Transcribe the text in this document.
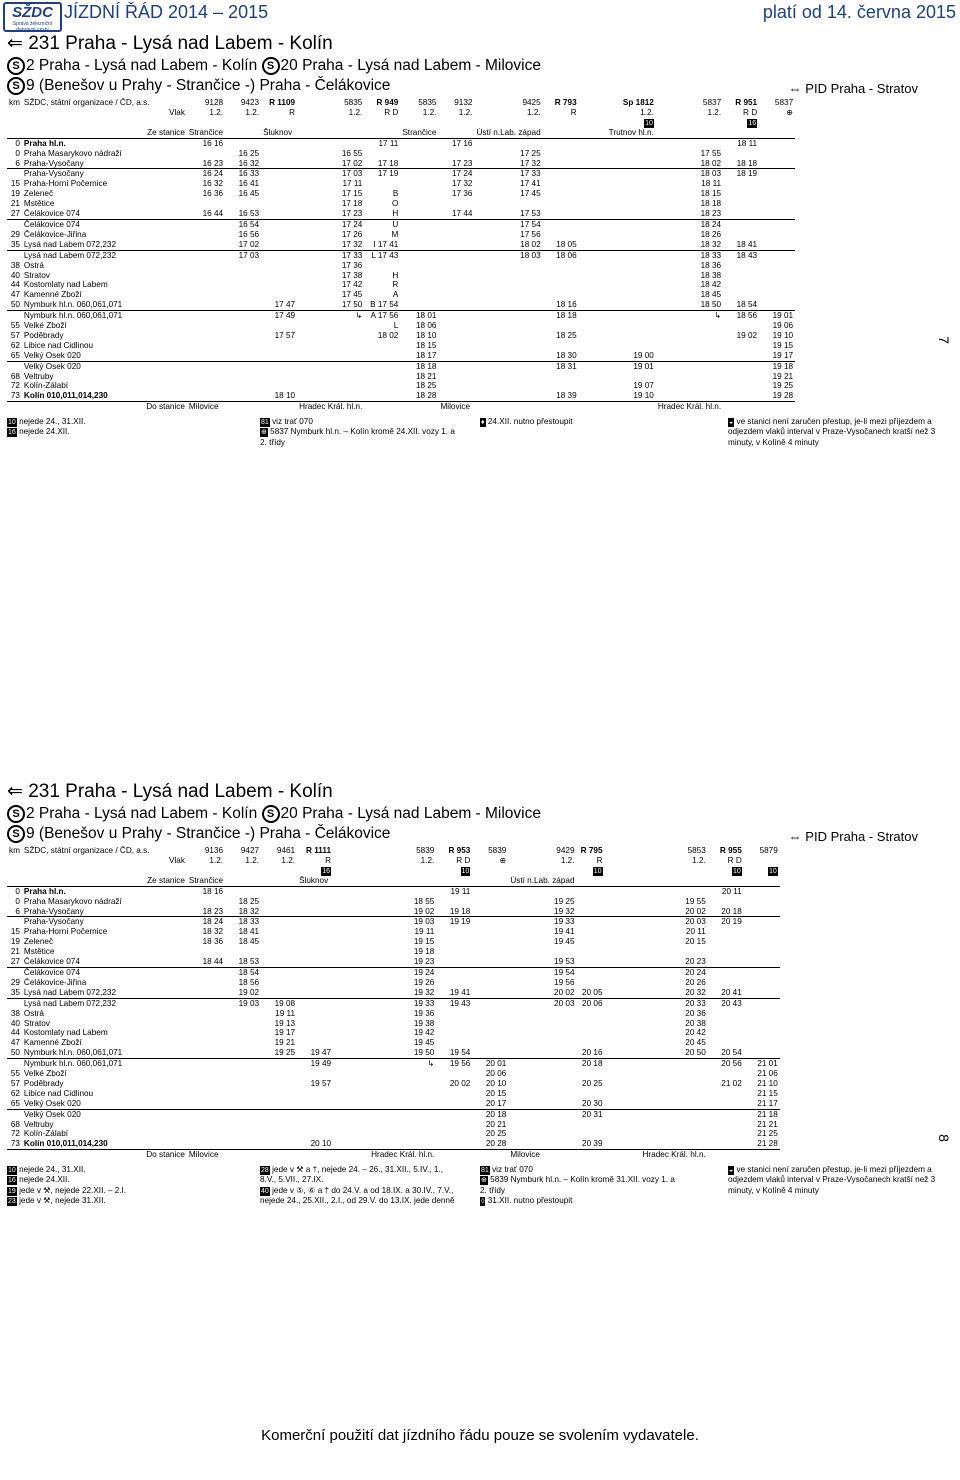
SŽDC
Správa železniční dopravní cesty
JÍZDNÍ ŘÁD 2014 – 2015	platí od 14. června 2015
⇐ 231 Praha - Lysá nad Labem - Kolín
S 2 Praha - Lysá nad Labem - Kolín S 20 Praha - Lysá nad Labem - Milovice
S 9 (Benešov u Prahy - Strančice -) Praha - Čelákovice	⇔ PID Praha - Stratov
7
km	SŽDC, státní organizace / ČD, a.s.	9128	9423	R 1109	5835	R 949	5835	9132	9425	R 793		Sp 1812	5837	R 951	5837
	Vlak	1.2.	1.2.	R	1.2.	R D	1.2.	1.2.	1.2.	R		1.2.	1.2.	R D	⊕
												10		16	
	Ze stanice	Strančice		Šluknov			Strančice		Ústí n.Lab. západ			Trutnov hl.n.			
0	Praha hl.n.	16 16				17 11		17 16						18 11	
0	Praha Masarykovo nádraží		16 25		16 55				17 25				17 55		
6	Praha-Vysočany	16 23	16 32		17 02	17 18		17 23	17 32				18 02	18 18	
	Praha-Vysočany	16 24	16 33		17 03	17 19		17 24	17 33				18 03	18 19	
15	Praha-Horní Počernice	16 32	16 41		17 11			17 32	17 41				18 11		
19	Zeleneč	16 36	16 45		17 15	B		17 36	17 45				18 15		
21	Mstětice				17 18	O							18 18		
27	Čelákovice 074	16 44	16 53		17 23	H		17 44	17 53				18 23		
	Čelákovice 074		16 54		17 24	U			17 54				18 24		
29	Čelákovice-Jiřina		16 56		17 26	M			17 56				18 26		
35	Lysá nad Labem 072,232		17 02		17 32	I 17 41			18 02	18 05			18 32	18 41	
	Lysá nad Labem 072,232		17 03		17 33	L 17 43			18 03	18 06			18 33	18 43	
38	Ostrá				17 36								18 36		
40	Stratov				17 38	H							18 38		
44	Kostomlaty nad Labem				17 42	R							18 42		
47	Kamenné Zboží				17 45	A							18 45		
50	Nymburk hl.n. 060,061,071			17 47	17 50	B 17 54				18 16			18 50	18 54	
	Nymburk hl.n. 060,061,071			17 49	↳	A 17 56	18 01			18 18			↳	18 56	19 01
55	Velké Zboží					L	18 06								19 06
57	Poděbrady			17 57		18 02	18 10			18 25				19 02	19 10
62	Libice nad Cidlinou						18 15								19 15
65	Velký Osek 020						18 17			18 30		19 00			19 17
	Velký Osek 020						18 18			18 31		19 01			19 18
68	Veltruby						18 21								19 21
72	Kolín-Zálabí						18 25					19 07			19 25
73	Kolín 010,011,014,230			18 10			18 28			18 39		19 10			19 28
	Do stanice	Milovice			Hradec Král. hl.n.			Milovice					Hradec Král. hl.n.		
10 nejede 24., 31.XII.
16 nejede 24.XII.
81 viz trať 070
⊕ 5837 Nymburk hl.n. – Kolín kromě 24.XII. vozy 1. a 2. třídy
♦ 24.XII. nutno přestoupit	◒ ve stanici není zaručen přestup, je-li mezi příjezdem a odjezdem vlaků interval v Praze-Vysočanech kratší než 3 minuty, v Kolíně 4 minuty
⇐ 231 Praha - Lysá nad Labem - Kolín
S 2 Praha - Lysá nad Labem - Kolín S 20 Praha - Lysá nad Labem - Milovice
S 9 (Benešov u Prahy - Strančice -) Praha - Čelákovice	⇔ PID Praha - Stratov
8
km	SŽDC, státní organizace / ČD, a.s.	9136	9427	9461	R 1111		5839	R 953	5839	9429	R 795		5853	R 955	5879
	Vlak	1.2.	1.2.	1.2.	R		1.2.	R D	⊕	1.2.	R		1.2.	R D	
					16			10			10			10	10
	Ze stanice	Strančice			Šluknov					Ústí n.Lab. západ					
0	Praha hl.n.	18 16						19 11						20 11	
0	Praha Masarykovo nádraží		18 25				18 55			19 25			19 55		
6	Praha-Vysočany	18 23	18 32				19 02	19 18		19 32			20 02	20 18	
	Praha-Vysočany	18 24	18 33				19 03	19 19		19 33			20 03	20 19	
15	Praha-Horní Počernice	18 32	18 41				19 11			19 41			20 11		
19	Zeleneč	18 36	18 45				19 15			19 45			20 15		
21	Mstětice						19 18								
27	Čelákovice 074	18 44	18 53				19 23			19 53			20 23		
	Čelákovice 074		18 54				19 24			19 54			20 24		
29	Čelákovice-Jiřina		18 56				19 26			19 56			20 26		
35	Lysá nad Labem 072,232		19 02				19 32	19 41		20 02	20 05		20 32	20 41	
	Lysá nad Labem 072,232		19 03	19 08			19 33	19 43		20 03	20 06		20 33	20 43	
38	Ostrá			19 11			19 36						20 36		
40	Stratov			19 13			19 38						20 38		
44	Kostomlaty nad Labem			19 17			19 42						20 42		
47	Kamenné Zboží			19 21			19 45						20 45		
50	Nymburk hl.n. 060,061,071			19 25	19 47		19 50	19 54			20 16		20 50	20 54	
	Nymburk hl.n. 060,061,071				19 49		↳	19 56	20 01		20 18			20 56	21 01
55	Velké Zboží								20 06						21 06
57	Poděbrady				19 57			20 02	20 10		20 25			21 02	21 10
62	Libice nad Cidlinou								20 15						21 15
65	Velký Osek 020								20 17		20 30				21 17
	Velký Osek 020								20 18		20 31				21 18
68	Veltruby								20 21						21 21
72	Kolín-Zálabí								20 25						21 25
73	Kolín 010,011,014,230				20 10				20 28		20 39				21 28
	Do stanice	Milovice					Hradec Král. hl.n.			Milovice			Hradec Král. hl.n.		
10 nejede 24., 31.XII.
16 nejede 24.XII.
19 jede v ⚒, nejede 22.XII. – 2.I.
23 jede v ⚒, nejede 31.XII.
28 jede v ⚒ a †, nejede 24. – 26., 31.XII., 5.IV., 1., 8.V., 5.VII., 27.IX.
40 jede v ⑤, ⑥ a † do 24.V. a od 18.IX. a 30.IV., 7.V., nejede 24., 25.XII., 2.I., od 29.V. do 13.IX. jede denně
81 viz trať 070
⊕ 5839 Nymburk hl.n. – Kolín kromě 31.XII. vozy 1. a 2. třídy
◊ 31.XII. nutno přestoupit
◒ ve stanici není zaručen přestup, je-li mezi příjezdem a odjezdem vlaků interval v Praze-Vysočanech kratší než 3 minuty, v Kolíně 4 minuty
Komerční použití dat jízdního řádu pouze se svolením vydavatele.
